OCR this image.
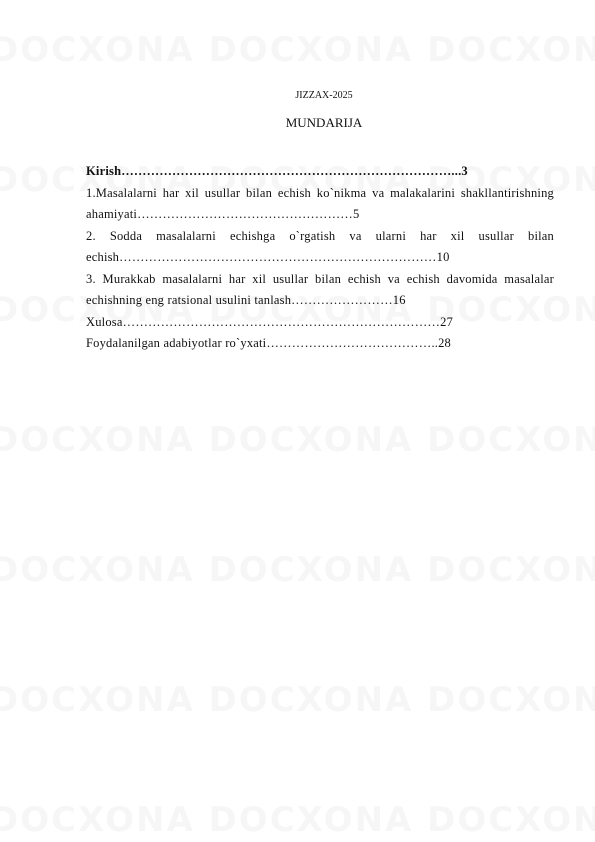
JIZZAX-2025
MUNDARIJA
Kirish……………………………………………………………………...3
1.Masalalarni har xil usullar bilan echish ko`nikma va malakalarini shakllantirishning ahamiyati……………………………………………5
2. Sodda masalalarni echishga o`rgatish va ularni har xil usullar bilan echish…………………………………………………………………10
3. Murakkab masalalarni har xil usullar bilan echish va echish davomida masalalar echishning eng ratsional usulini tanlash……………………16
Xulosa…………………………………………………………………27
Foydalanilgan adabiyotlar ro`yxati…………………………………..28
